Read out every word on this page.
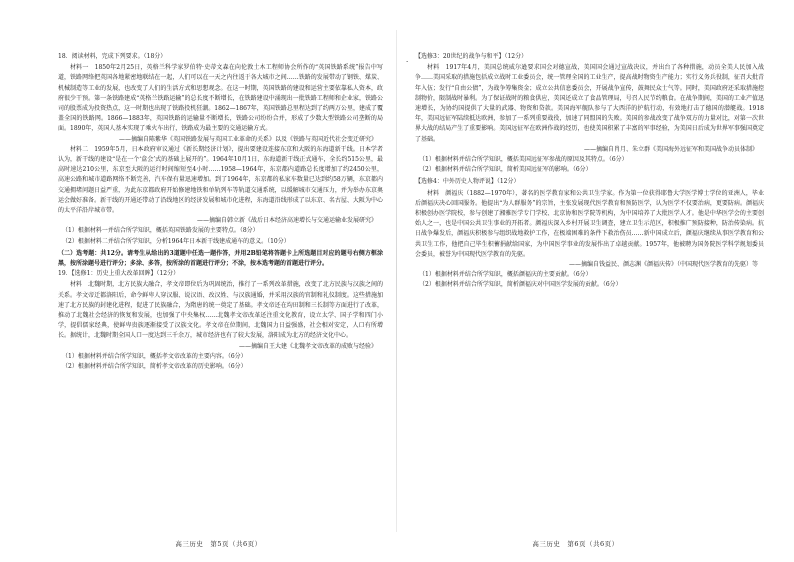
18．阅读材料，完成下列要求。（18分）

材料一　1850年2月25日，英格兰科学家罗伯特·史蒂文森在向伦敦土木工程师协会所作的“英国铁路系统”报告中写道，铁路网络把英国各地紧密地联结在一起，人们可以在一天之内往返于各大城市之间……铁路的发展带动了钢铁、煤炭、机械制造等工业的发展，也改变了人们的生活方式和思想观念。在这一时期，英国铁路的建设和运营主要依靠私人资本，政府很少干预。第一条铁路建成“英格兰铁路运输”的总长度不断增长，在铁路建设中涌现出一批铁路工程师和企业家，铁路公司的股票成为投资热点，这一时期也出现了铁路投机狂潮。1862—1867年，英国铁路总里程达到了约两万公里，建成了覆盖全国的铁路网。1866—1883年，英国铁路的运输量不断增长，铁路公司纷纷合并，形成了少数大型铁路公司垄断的局面。1890年，英国人基本实现了乘火车出行，铁路成为最主要的交通运输方式。

——摘编自陈紫华《英国铁路发展与英国工业革命的关系》以及《铁路与英国近代社会变迁研究》

材料二　1959年5月，日本政府审议通过《新长期经济计划》，提出要建设连接东京和大阪的东海道新干线。日本学者认为，新干线的建设“是在一个‘盒会’式的基础上展开的”。1964年10月1日，东海道新干线正式通车，全长约515公里，最高时速达210公里，东京至大阪的运行时间缩短至4小时……1958—1964年，东京都内道路总长度增加了约2450公里，高速公路和城市道路网络不断完善，汽车保有量迅速增加。到了1964年，东京都的私家车数量已达到约58万辆，东京都内交通拥堵问题日益严重，为此东京都政府开始修建地铁和单轨列车等轨道交通系统，以缓解城市交通压力，并为举办东京奥运会做好准备。新干线的开通还带动了沿线地区的经济发展和城市化进程，东海道沿线形成了以东京、名古屋、大阪为中心的太平洋沿岸城市带。

——摘编自韩立新《战后日本经济高速增长与交通运输业发展研究》

（1）根据材料一并结合所学知识，概括英国铁路发展的主要特点。（8分）

（2）根据材料二并结合所学知识，分析1964年日本新干线建成通车的意义。（10分）

（二）选考题：共12分。请考生从给出的3道题中任选一题作答，并用2B铅笔将答题卡上所选题目对应的题号右侧方框涂黑，按所涂题号进行评分；多涂、多答，按所涂的首题进行评分；不涂，按本选考题的首题进行评分。

19．【选修1：历史上重大改革回眸】（12分）

材料　北魏时期，北方民族大融合，孝文帝即位后为巩固统治，推行了一系列改革措施，改变了北方民族与汉族之间的关系。孝文帝迁都洛阳后，命令鲜卑人穿汉服、说汉语、改汉姓、与汉族通婚，并采用汉族的官制和礼仪制度。这些措施加速了北方民族的封建化进程，促进了民族融合，为隋唐的统一奠定了基础。孝文帝还在均田制和三长制等方面进行了改革，推动了北魏社会经济的恢复和发展，也加强了中央集权……北魏孝文帝改革还注重文化教育，设立太学、国子学和四门小学，提倡儒家经典，使鲜卑贵族逐渐接受了汉族文化。孝文帝在位期间，北魏国力日益强盛，社会相对安定，人口有所增长。据统计，北魏时期全国人口一度达到三千余万，城市经济也有了较大发展，洛阳成为北方的经济文化中心。

——摘编自王大建《北魏孝文帝改革的成败与经验》

（1）根据材料并结合所学知识，概括孝文帝改革的主要内容。（6分）

（2）根据材料并结合所学知识，简析孝文帝改革的历史影响。（6分）

高三历史　第5页（共6页）
·

【选修3：20世纪的战争与和平】（12分）

材料　1917年4月，美国总统威尔逊要求国会对德宣战，美国国会通过宣战决议，并出台了各种措施，动员全美人民加入战争……美国采取的措施包括成立战时工业委员会，统一管理全国的工业生产，提高战时物资生产能力；实行义务兵役制，征召大批青年入伍；发行“自由公债”，为战争筹集资金；成立公共信息委员会，开展战争宣传，鼓舞民众士气等。同时，美国政府还采取措施控制物价，限制战时暴利。为了保证战时的粮食供应，美国还成立了食品管理局，号召人民节约粮食。在战争期间，美国的工业产值迅速增长，为协约国提供了大量的武器、物资和贷款。美国海军舰队参与了大西洋的护航行动，有效地打击了德国的潜艇战。1918年，美国远征军陆续抵达欧洲，参加了一系列重要战役，加速了同盟国的失败。美国的参战改变了战争双方的力量对比，对第一次世界大战的结局产生了重要影响。美国远征军在欧洲作战的经历，也使美国积累了丰富的军事经验，为美国日后成为世界军事强国奠定了基础。

——摘编自肖月、朱立群《美国海外远征军和美国战争动员体制》

（1）根据材料并结合所学知识，概括美国远征军参战的原因及其特点。（6分）

（2）根据材料并结合所学知识，简析美国远征军的影响。（6分）

【选修4：中外历史人物评说】（12分）

材料　颜福庆（1882—1970年），著名的医学教育家和公共卫生学家。作为第一位获得耶鲁大学医学博士学位的亚洲人，毕业后颜福庆决心回国服务。他提出“为人群服务”的宗旨，主张发展现代医学教育和预防医学，认为医学不仅要治病，更要防病。颜福庆积极创办医学院校，参与创建了湘雅医学专门学校、北京协和医学院等机构，为中国培养了大批医学人才。他是中华医学会的主要创始人之一，也是中国公共卫生事业的开拓者。颜福庆深入乡村开展卫生调查，建立卫生示范区，积极推广预防接种，防治传染病。抗日战争爆发后，颜福庆积极参与组织战地救护工作，在极端困难的条件下救治伤员……新中国成立后，颜福庆继续从事医学教育和公共卫生工作，他把自己毕生积蓄捐献给国家，为中国医学事业的发展作出了卓越贡献。1957年，他被聘为国务院医学科学规划委员会委员，被誉为中国现代医学教育的先驱。

——摘编自钱益民、颜志渊《颜福庆传》（中国现代医学教育的先驱）等

（1）根据材料并结合所学知识，概括颜福庆的主要贡献。（6分）

（2）根据材料并结合所学知识，简析颜福庆对中国医学发展的贡献。（6分）

高三历史　第6页（共6页）
